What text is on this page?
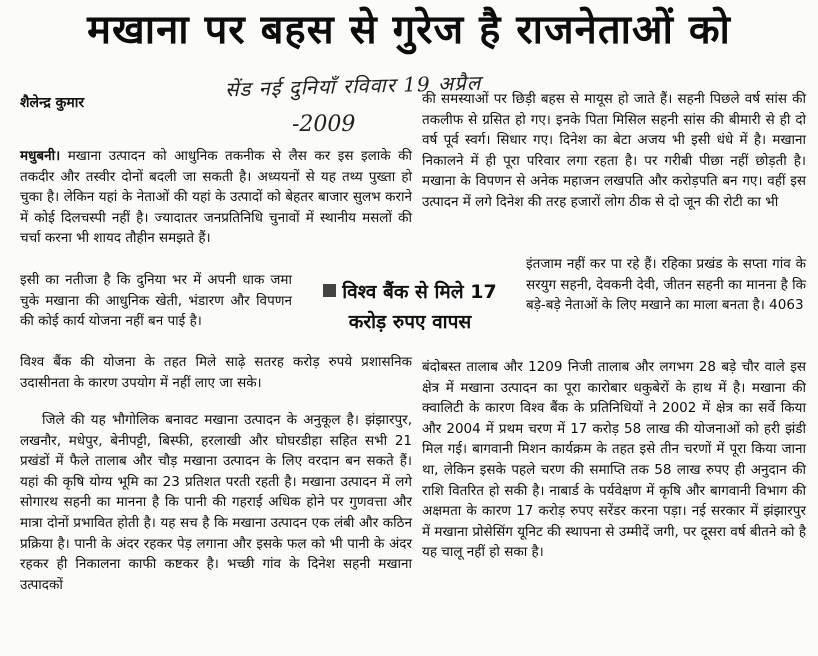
मखाना पर बहस से गुरेज है राजनेताओं को
सेंड नई दुनियाँ रविवार 19 अप्रैल
-2009
शैलेन्द्र कुमार

मधुबनी। मखाना उत्पादन को आधुनिक तकनीक से लैस कर इस इलाके की तकदीर और तस्वीर दोनों बदली जा सकती है। अध्ययनों से यह तथ्य पुख्ता हो चुका है। लेकिन यहां के नेताओं की यहां के उत्पादों को बेहतर बाजार सुलभ कराने में कोई दिलचस्पी नहीं है। ज्यादातर जनप्रतिनिधि चुनावों में स्थानीय मसलों की चर्चा करना भी शायद तौहीन समझते हैं।

इसी का नतीजा है कि दुनिया भर में अपनी धाक जमा चुके मखाना की आधुनिक खेती, भंडारण और विपणन की कोई कार्य योजना नहीं बन पाई है।

विश्व बैंक की योजना के तहत मिले साढ़े सतरह करोड़ रुपये प्रशासनिक उदासीनता के कारण उपयोग में नहीं लाए जा सके।

जिले की यह भौगोलिक बनावट मखाना उत्पादन के अनुकूल है। झंझारपुर, लखनौर, मधेपुर, बेनीपट्टी, बिस्फी, हरलाखी और घोघरडीहा सहित सभी 21 प्रखंडों में फैले तालाब और चौड़ मखाना उत्पादन के लिए वरदान बन सकते हैं। यहां की कृषि योग्य भूमि का 23 प्रतिशत परती रहती है। मखाना उत्पादन में लगे सोगारथ सहनी का मानना है कि पानी की गहराई अधिक होने पर गुणवत्ता और मात्रा दोनों प्रभावित होती है। यह सच है कि मखाना उत्पादन एक लंबी और कठिन प्रक्रिया है। पानी के अंदर रहकर पेड़ लगाना और इसके फल को भी पानी के अंदर रहकर ही निकालना काफी कष्टकर है। भच्छी गांव के दिनेश सहनी मखाना उत्पादकों

की समस्याओं पर छिड़ी बहस से मायूस हो जाते हैं। सहनी पिछले वर्ष सांस की तकलीफ से ग्रसित हो गए। इनके पिता मिसिल सहनी सांस की बीमारी से ही दो वर्ष पूर्व स्वर्ग। सिधार गए। दिनेश का बेटा अजय भी इसी धंधे में है। मखाना निकालने में ही पूरा परिवार लगा रहता है। पर गरीबी पीछा नहीं छोड़ती है। मखाना के विपणन से अनेक महाजन लखपति और करोड़पति बन गए। वहीं इस उत्पादन में लगे दिनेश की तरह हजारों लोग ठीक से दो जून की रोटी का भी

इंतजाम नहीं कर पा रहे हैं। रहिका प्रखंड के सप्ता गांव के सरयुग सहनी, देवकनी देवी, जीतन सहनी का मानना है कि बड़े-बड़े नेताओं के लिए मखाने का माला बनता है। 4063

बंदोबस्त तालाब और 1209 निजी तालाब और लगभग 28 बड़े चौर वाले इस क्षेत्र में मखाना उत्पादन का पूरा कारोबार धकुबेरों के हाथ में है। मखाना की क्वालिटी के कारण विश्व बैंक के प्रतिनिधियों ने 2002 में क्षेत्र का सर्वे किया और 2004 में प्रथम चरण में 17 करोड़ 58 लाख की योजनाओं को हरी झंडी मिल गई। बागवानी मिशन कार्यक्रम के तहत इसे तीन चरणों में पूरा किया जाना था, लेकिन इसके पहले चरण की समाप्ति तक 58 लाख रुपए ही अनुदान की राशि वितरित हो सकी है। नाबार्ड के पर्यवेक्षण में कृषि और बागवानी विभाग की अक्षमता के कारण 17 करोड़ रुपए सरेंडर करना पड़ा। नई सरकार में झंझारपुर में मखाना प्रोसेसिंग यूनिट की स्थापना से उम्मीदें जगी, पर दूसरा वर्ष बीतने को है यह चालू नहीं हो सका है।

विश्व बैंक से मिले 17 करोड़ रुपए वापस
